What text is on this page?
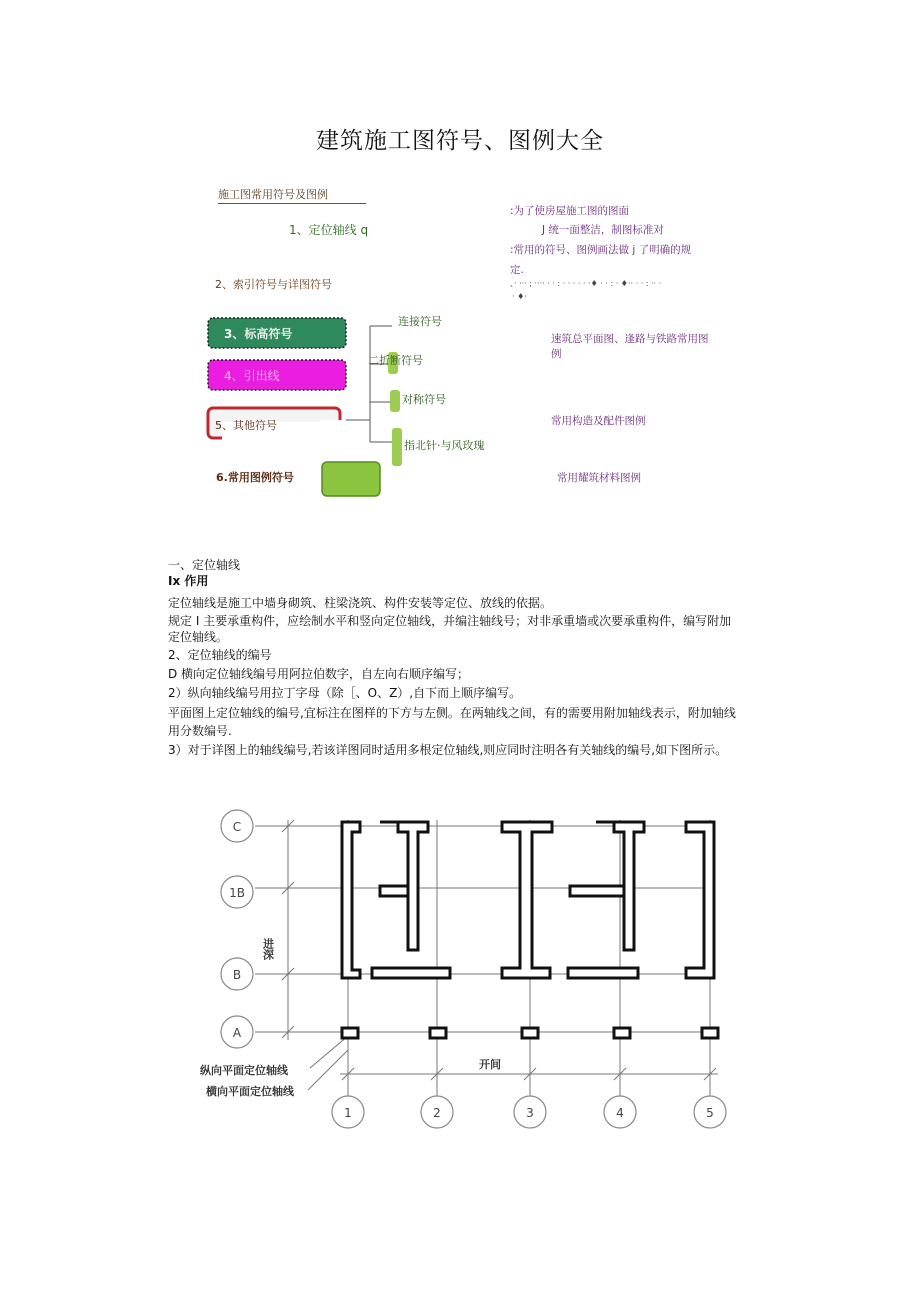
建筑施工图符号、图例大全
施工图常用符号及图例
1、定位轴线 q
2、索引符号与详图符号
3、标高符号
4、引出线
连接符号
二折断符号
对称符号
指北针·与风玫瑰
5、其他符号
6.常用图例符号
:为了使房屋施工图的图面
J 统一面整洁，制图标准对
:常用的符号、图例画法做 j 了明确的规
定.
、· ··· ; ···· · · : · · · · · ·♦ · · : · ♦·· · · : ·· ·
· ♦·
速筑总平面图、逢路与铁路常用图
例
常用构造及配件图例
常用耀筑材料图例
一、定位轴线
Ix 作用
定位轴线是施工中墙身砌筑、柱梁浇筑、构件安装等定位、放线的依据。
规定 I 主要承重构件，应绘制水平和竖向定位轴线，并编注轴线号；对非承重墙或次要承重构件，编写附加
定位轴线。
2、定位轴线的编号
D 横向定位轴线编号用阿拉伯数字，自左向右顺序编写；
2）纵向轴线编号用拉丁字母（除［、O、Z）,自下而上顺序编写。
平面图上定位轴线的编号,宜标注在图样的下方与左侧。在两轴线之间，有的需要用附加轴线表示，附加轴线
用分数编号.
3）对于详图上的轴线编号,若该详图同时适用多根定位轴线,则应同时注明各有关轴线的编号,如下图所示。
C
1B
B
A
1	2	3	4	5
进深
开间
纵向平面定位轴线
横向平面定位轴线
